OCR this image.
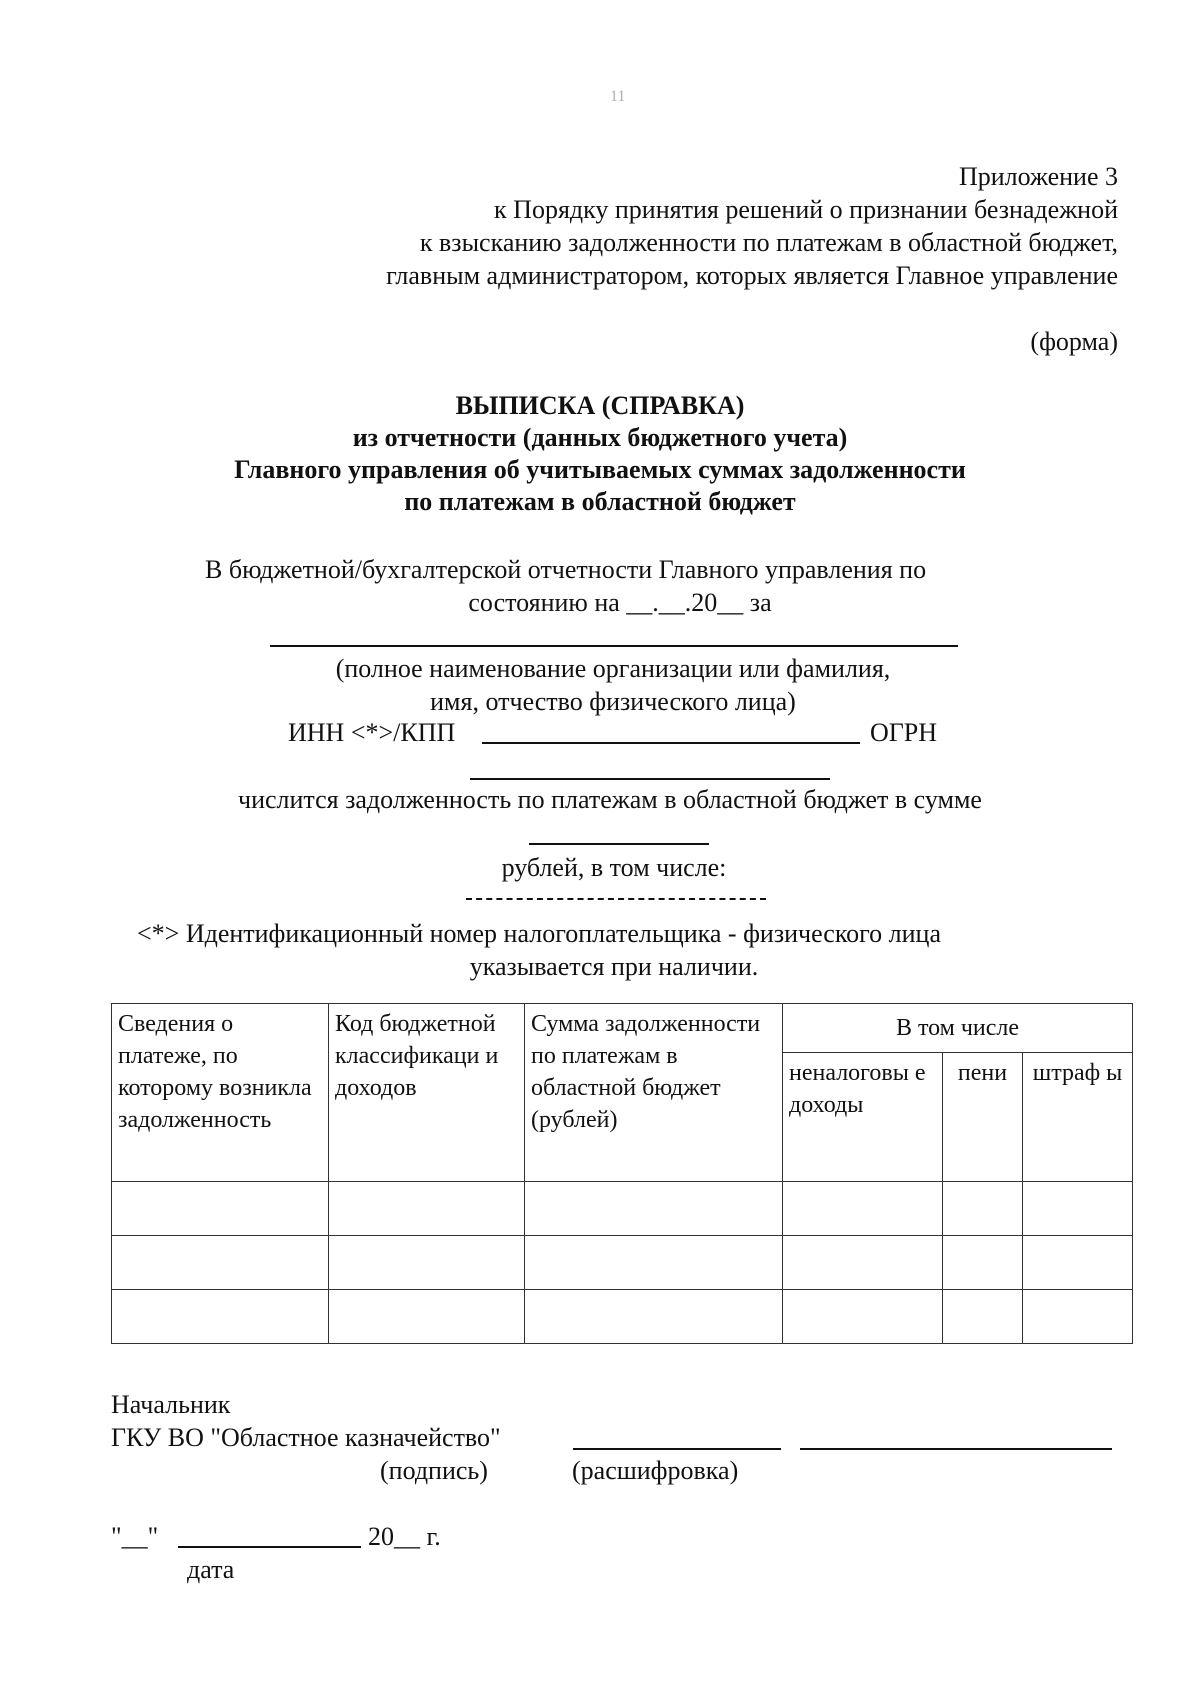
11
Приложение 3
к Порядку принятия решений о признании безнадежной
к взысканию задолженности по платежам в областной бюджет,
главным администратором, которых является Главное управление
(форма)
ВЫПИСКА (СПРАВКА)
из отчетности (данных бюджетного учета)
Главного управления об учитываемых суммах задолженности
по платежам в областной бюджет
В бюджетной/бухгалтерской отчетности Главного управления по
состоянию на __.__.20__ за
(полное наименование организации или фамилия,
имя, отчество физического лица)
ИНН <*>/КПП	ОГРН
числится задолженность по платежам в областной бюджет в сумме
рублей, в том числе:
<*> Идентификационный номер налогоплательщика - физического лица
указывается при наличии.
Сведения о платеже, по которому возникла задолженность	Код бюджетной классификаци и доходов	Сумма задолженности по платежам в областной бюджет (рублей)	В том числе		
			неналоговы е доходы	пени	штраф ы

Начальник
ГКУ ВО "Областное казначейство"
(подпись)	(расшифровка)
"__"	20__ г.
дата
